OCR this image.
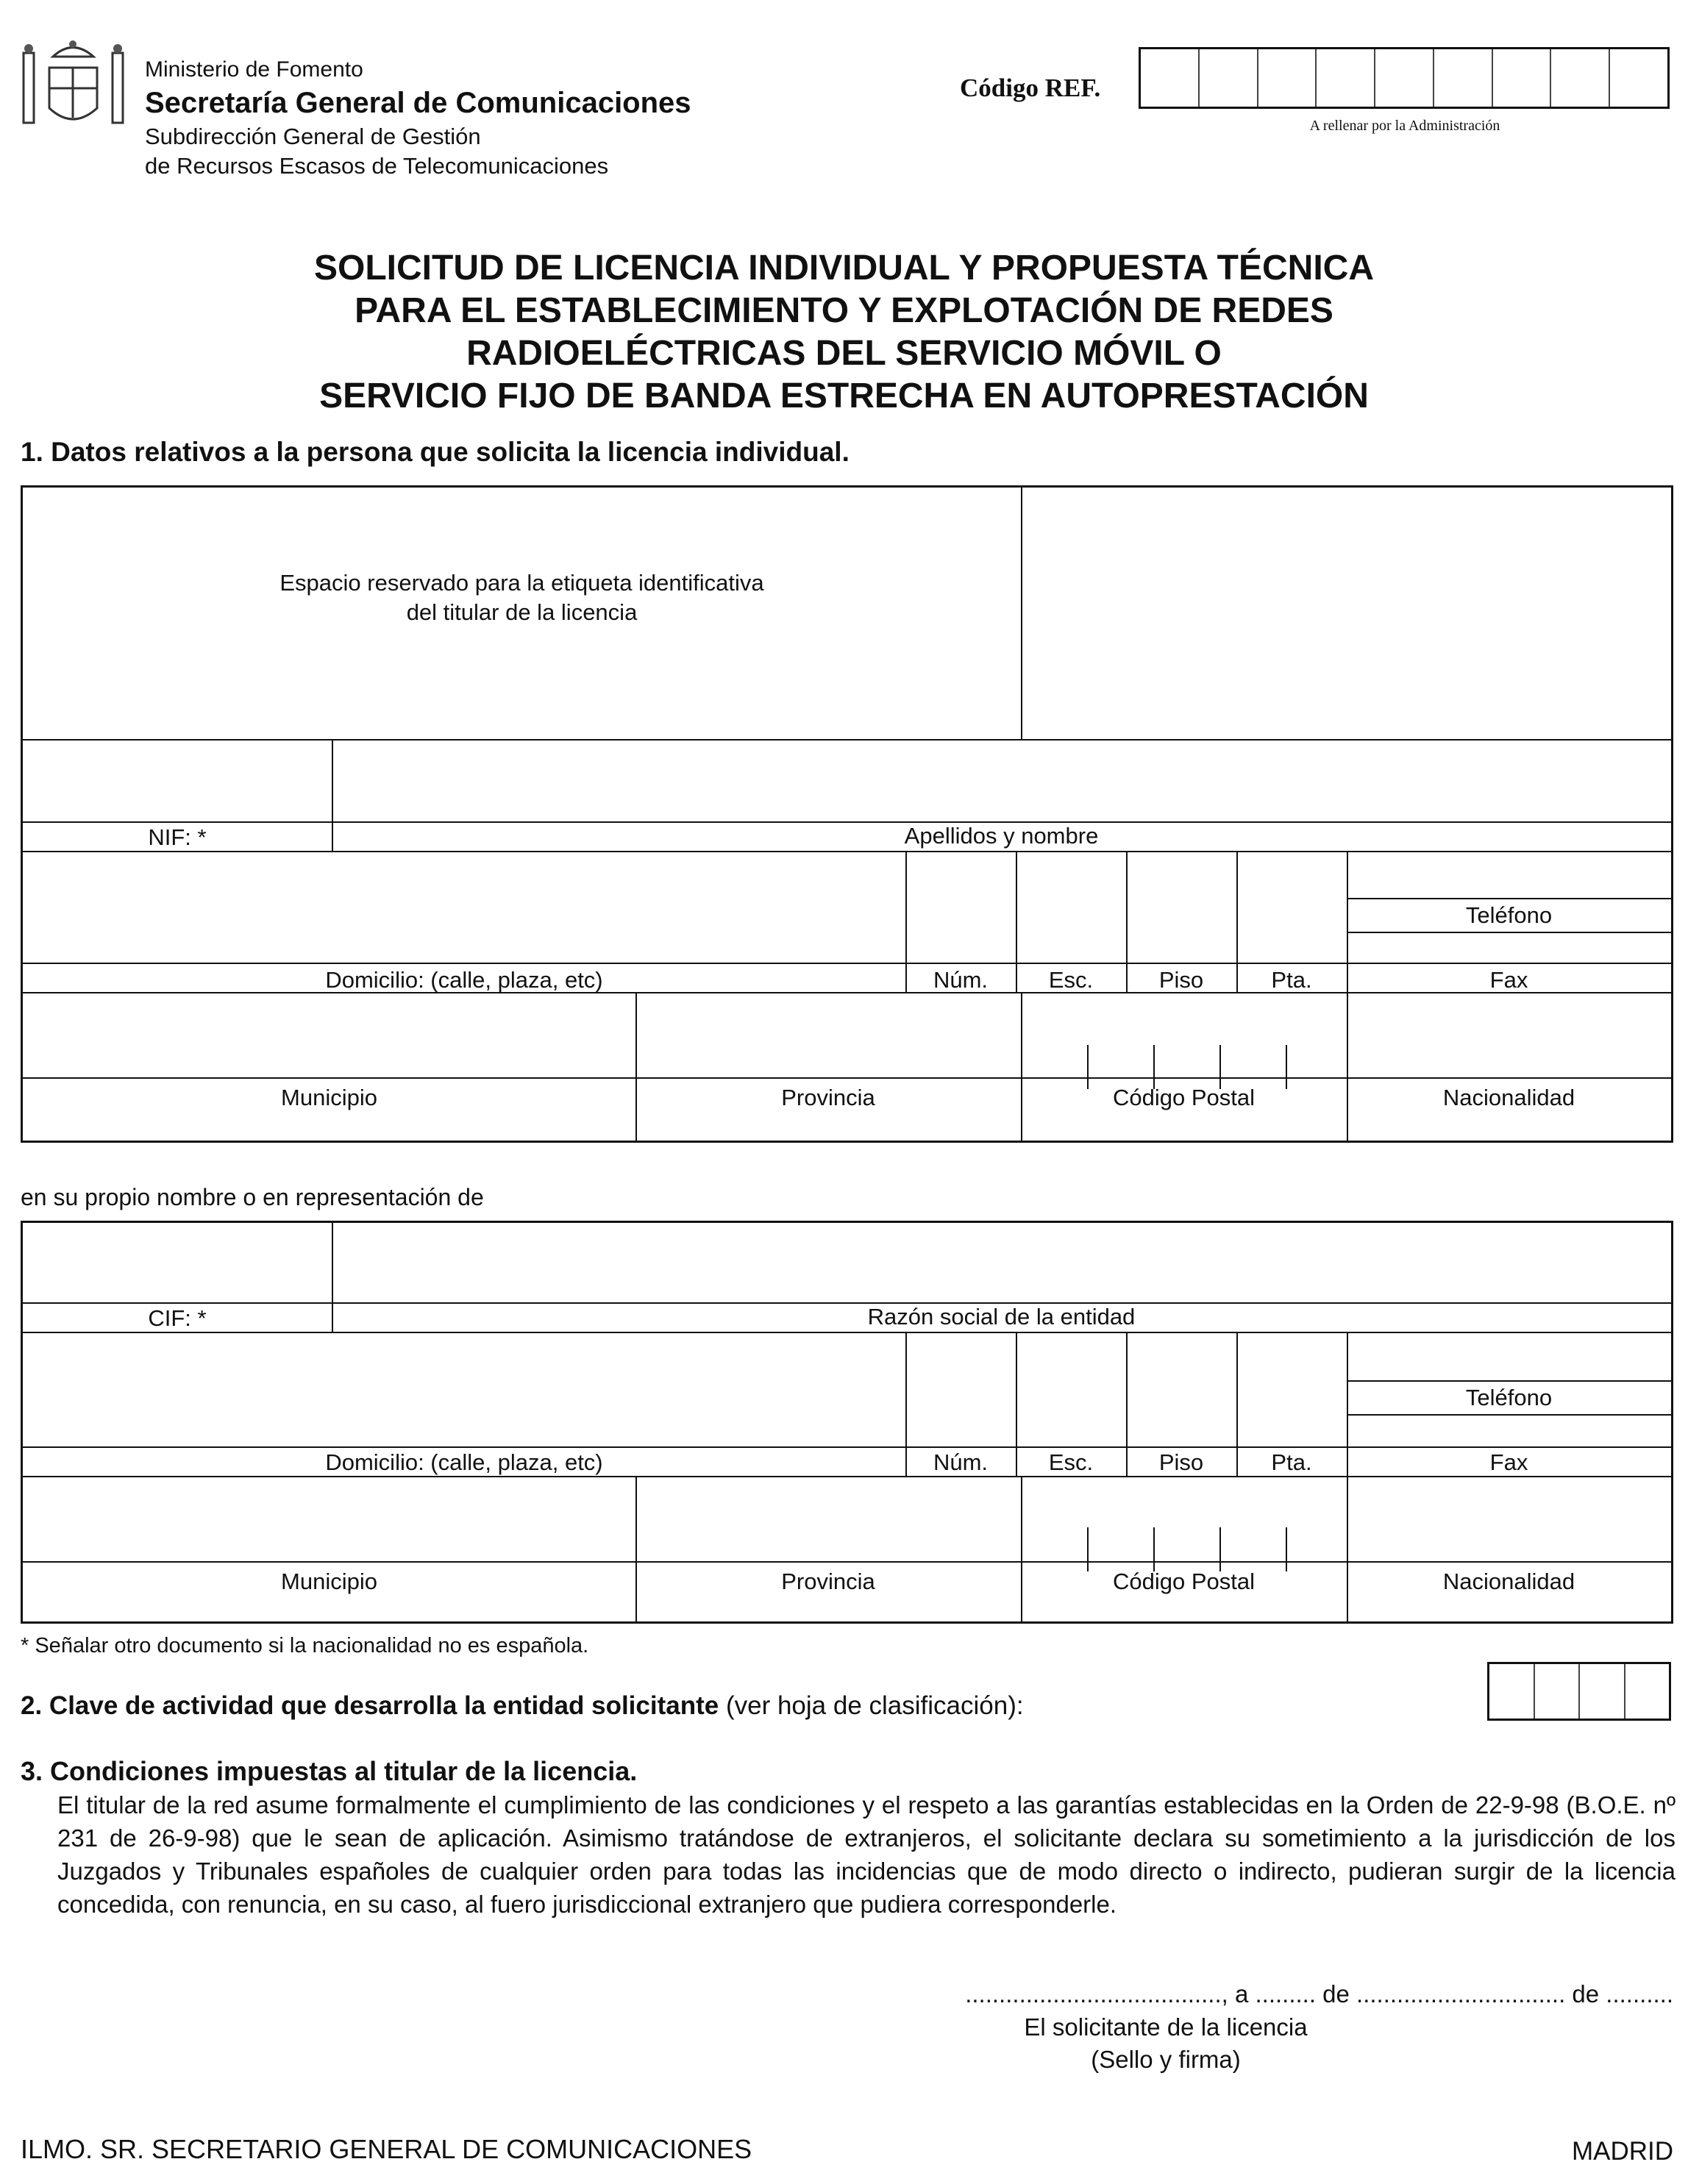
Ministerio de Fomento
Secretaría General de Comunicaciones
Subdirección General de Gestión
de Recursos Escasos de Telecomunicaciones
Código REF.
A rellenar por la Administración
SOLICITUD DE LICENCIA INDIVIDUAL Y PROPUESTA TÉCNICA
PARA EL ESTABLECIMIENTO Y EXPLOTACIÓN DE REDES
RADIOELÉCTRICAS DEL SERVICIO MÓVIL O
SERVICIO FIJO DE BANDA ESTRECHA EN AUTOPRESTACIÓN
1. Datos relativos a la persona que solicita la licencia individual.
Espacio reservado para la etiqueta identificativa
del titular de la licencia
NIF: *	Apellidos y nombre
Teléfono
Domicilio: (calle, plaza, etc)	Núm.	Esc.	Piso	Pta.	Fax
Municipio	Provincia	Código Postal	Nacionalidad
en su propio nombre o en representación de
CIF: *	Razón social de la entidad
Teléfono
Domicilio: (calle, plaza, etc)	Núm.	Esc.	Piso	Pta.	Fax
Municipio	Provincia	Código Postal	Nacionalidad
* Señalar otro documento si la nacionalidad no es española.
2. Clave de actividad que desarrolla la entidad solicitante (ver hoja de clasificación):
3. Condiciones impuestas al titular de la licencia.
El titular de la red asume formalmente el cumplimiento de las condiciones y el respeto a las garantías establecidas en la Orden de 22-9-98 (B.O.E. nº 231 de 26-9-98) que le sean de aplicación. Asimismo tratándose de extranjeros, el solicitante declara su sometimiento a la jurisdicción de los Juzgados y Tribunales españoles de cualquier orden para todas las incidencias que de modo directo o indirecto, pudieran surgir de la licencia concedida, con renuncia, en su caso, al fuero jurisdiccional extranjero que pudiera corresponderle.
......................................, a ......... de ............................... de ..........
El solicitante de la licencia
(Sello y firma)
ILMO. SR. SECRETARIO GENERAL DE COMUNICACIONES	MADRID
